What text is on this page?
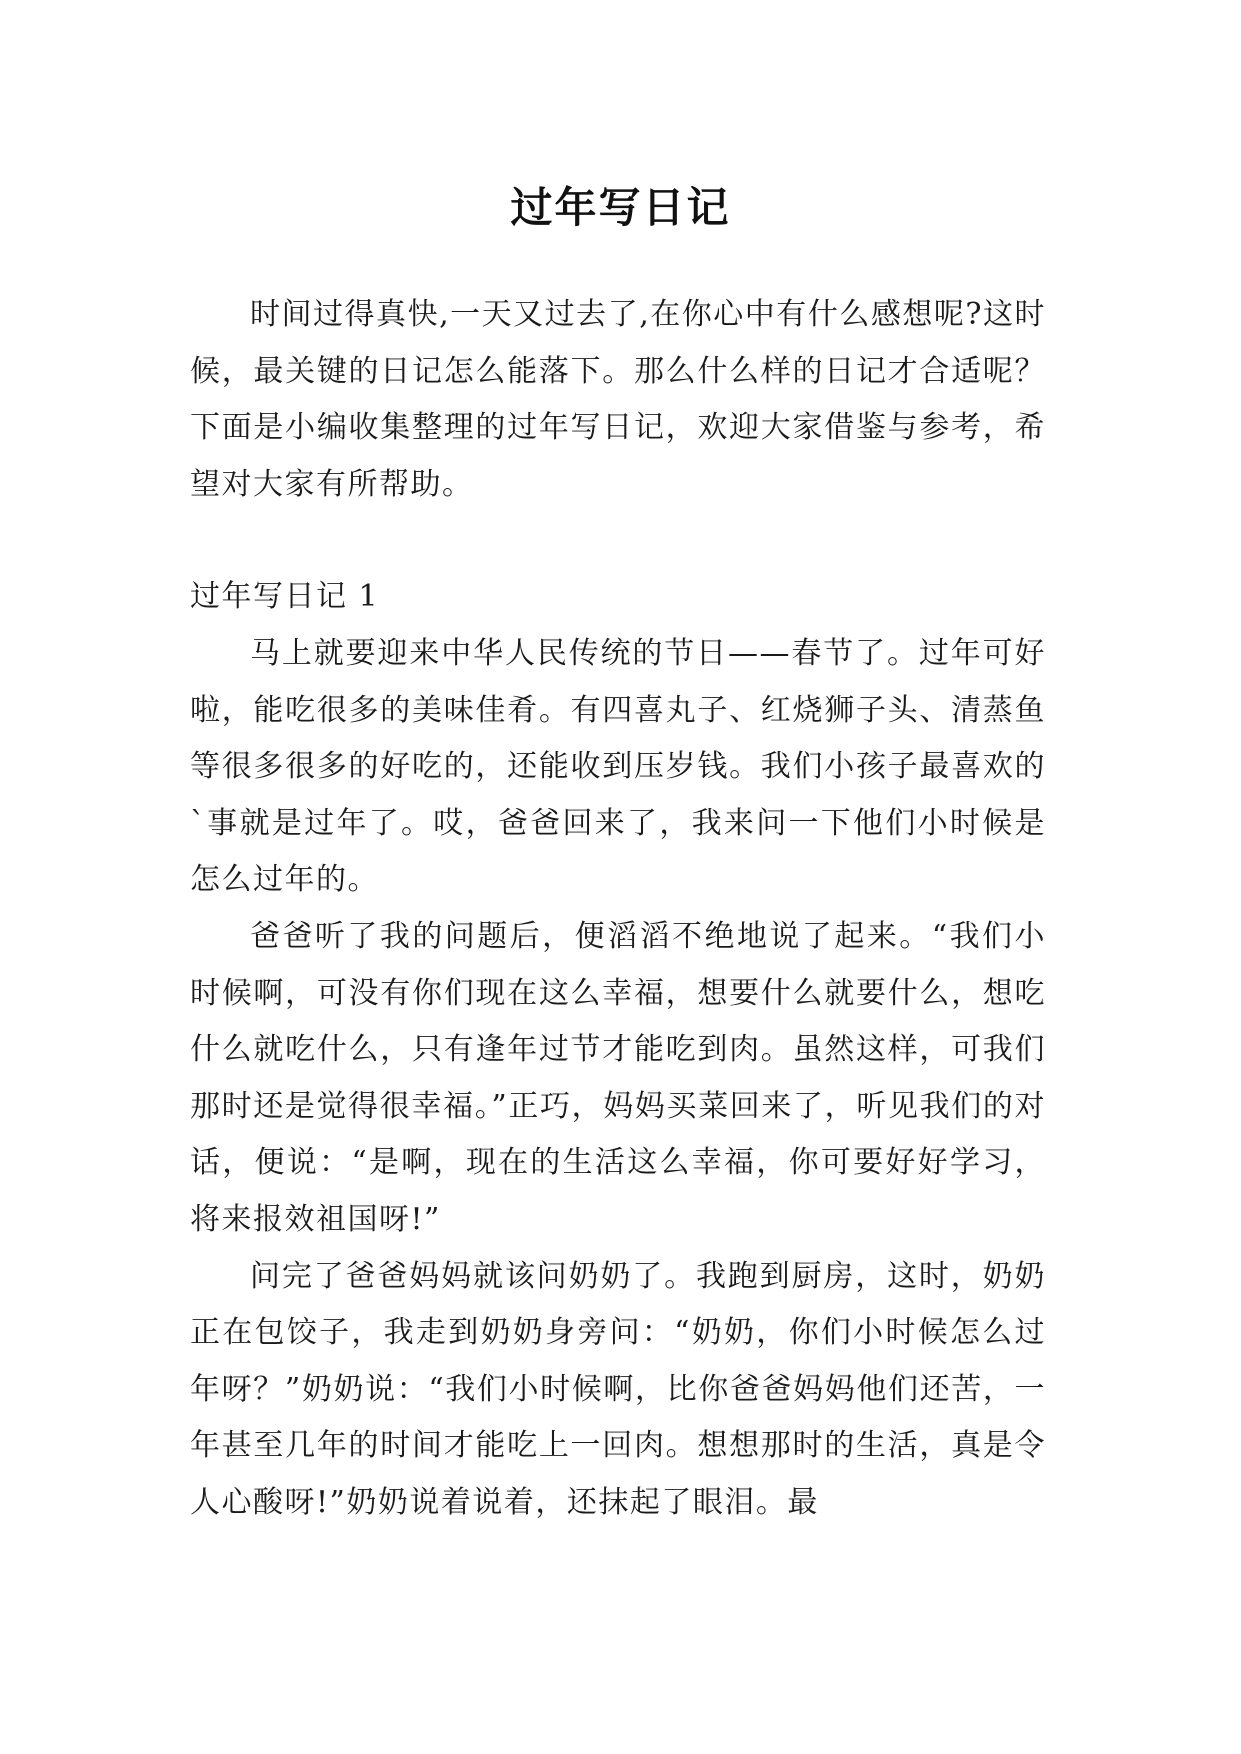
过年写日记

时间过得真快,一天又过去了,在你心中有什么感想呢?这时候，最关键的日记怎么能落下。那么什么样的日记才合适呢？下面是小编收集整理的过年写日记，欢迎大家借鉴与参考，希望对大家有所帮助。

过年写日记 1

马上就要迎来中华人民传统的节日——春节了。过年可好啦，能吃很多的美味佳肴。有四喜丸子、红烧狮子头、清蒸鱼等很多很多的好吃的，还能收到压岁钱。我们小孩子最喜欢的`事就是过年了。哎，爸爸回来了，我来问一下他们小时候是怎么过年的。

爸爸听了我的问题后，便滔滔不绝地说了起来。“我们小时候啊，可没有你们现在这么幸福，想要什么就要什么，想吃什么就吃什么，只有逢年过节才能吃到肉。虽然这样，可我们那时还是觉得很幸福。”正巧，妈妈买菜回来了，听见我们的对话，便说：“是啊，现在的生活这么幸福，你可要好好学习，将来报效祖国呀!”

问完了爸爸妈妈就该问奶奶了。我跑到厨房，这时，奶奶正在包饺子，我走到奶奶身旁问：“奶奶，你们小时候怎么过年呀？”奶奶说：“我们小时候啊，比你爸爸妈妈他们还苦，一年甚至几年的时间才能吃上一回肉。想想那时的生活，真是令人心酸呀!”奶奶说着说着，还抹起了眼泪。最
